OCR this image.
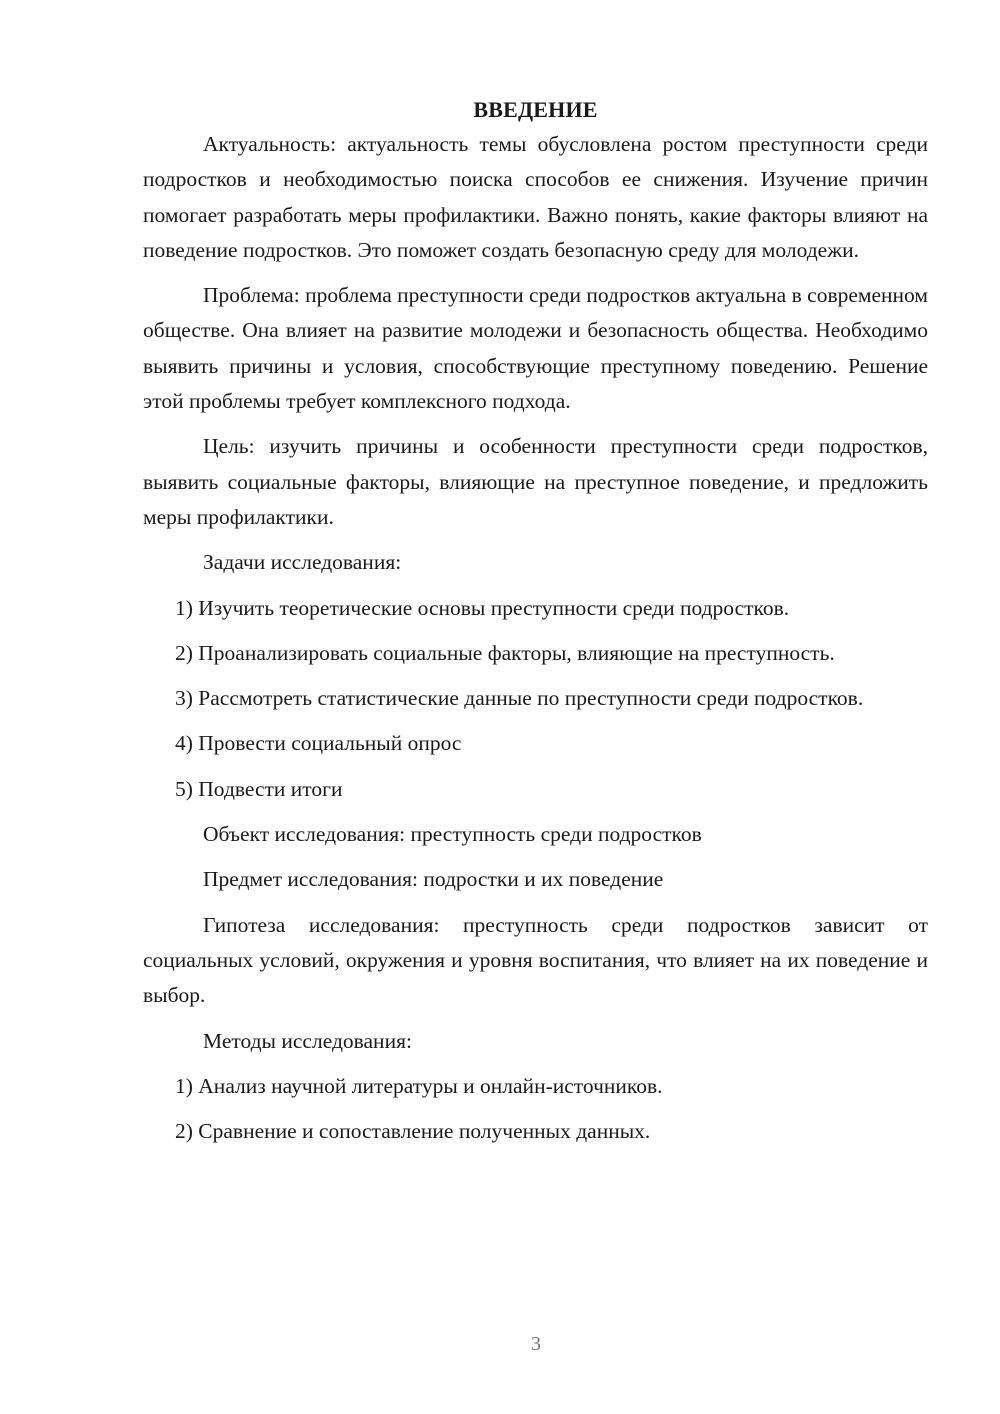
ВВЕДЕНИЕ

Актуальность: актуальность темы обусловлена ростом преступности среди подростков и необходимостью поиска способов ее снижения. Изучение причин помогает разработать меры профилактики. Важно понять, какие факторы влияют на поведение подростков. Это поможет создать безопасную среду для молодежи.

Проблема: проблема преступности среди подростков актуальна в современном обществе. Она влияет на развитие молодежи и безопасность общества. Необходимо выявить причины и условия, способствующие преступному поведению. Решение этой проблемы требует комплексного подхода.

Цель: изучить причины и особенности преступности среди подростков, выявить социальные факторы, влияющие на преступное поведение, и предложить меры профилактики.

Задачи исследования:

1) Изучить теоретические основы преступности среди подростков.

2) Проанализировать социальные факторы, влияющие на преступность.

3) Рассмотреть статистические данные по преступности среди подростков.

4) Провести социальный опрос

5) Подвести итоги

Объект исследования: преступность среди подростков

Предмет исследования: подростки и их поведение

Гипотеза исследования: преступность среди подростков зависит от социальных условий, окружения и уровня воспитания, что влияет на их поведение и выбор.

Методы исследования:

1) Анализ научной литературы и онлайн-источников.

2) Сравнение и сопоставление полученных данных.

3
